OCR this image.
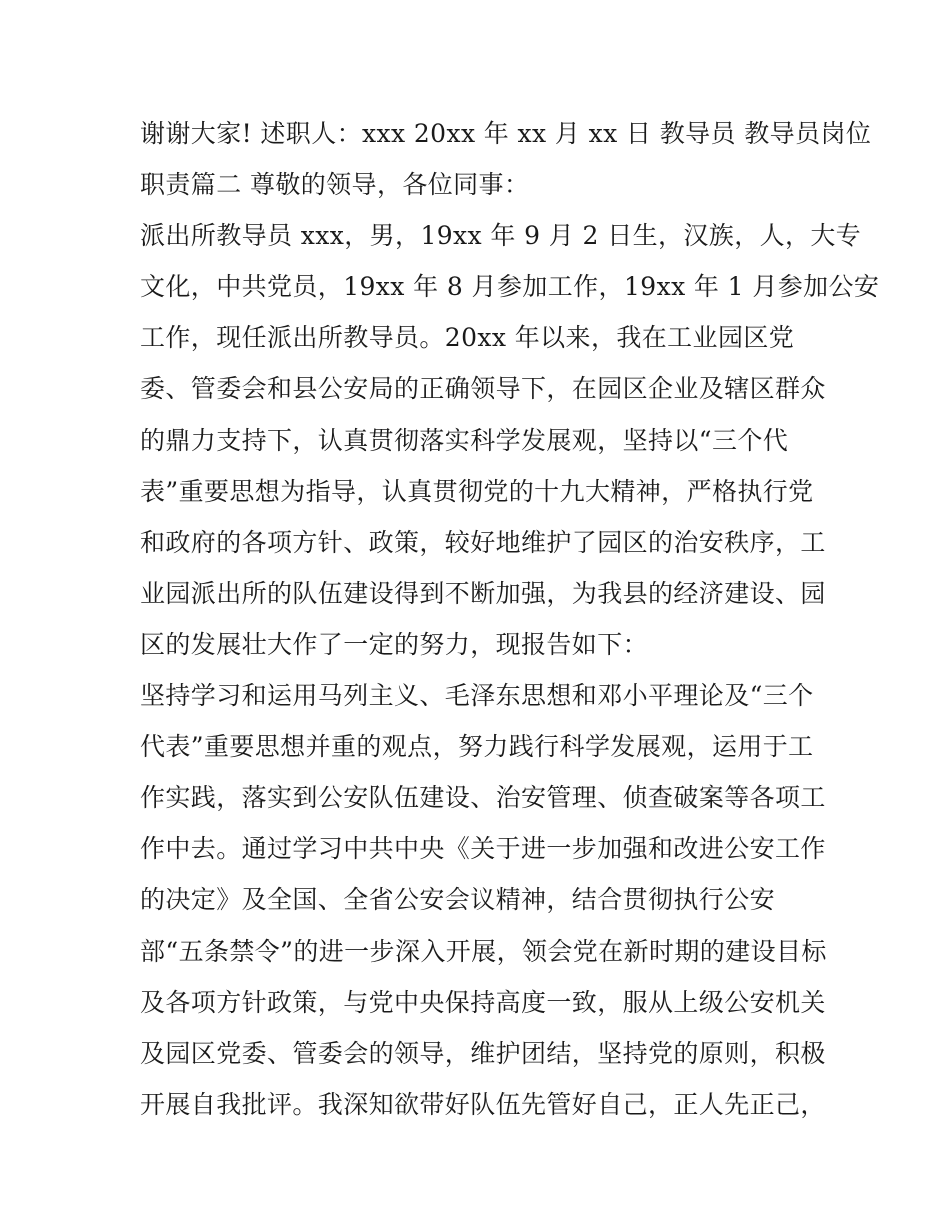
谢谢大家! 述职人：xxx 20xx 年 xx 月 xx 日 教导员 教导员岗位
职责篇二 尊敬的领导，各位同事：
派出所教导员 xxx，男，19xx 年 9 月 2 日生，汉族，人，大专
文化，中共党员，19xx 年 8 月参加工作，19xx 年 1 月参加公安
工作，现任派出所教导员。20xx 年以来，我在工业园区党
委、管委会和县公安局的正确领导下，在园区企业及辖区群众
的鼎力支持下，认真贯彻落实科学发展观，坚持以“三个代
表”重要思想为指导，认真贯彻党的十九大精神，严格执行党
和政府的各项方针、政策，较好地维护了园区的治安秩序，工
业园派出所的队伍建设得到不断加强，为我县的经济建设、园
区的发展壮大作了一定的努力，现报告如下：
坚持学习和运用马列主义、毛泽东思想和邓小平理论及“三个
代表”重要思想并重的观点，努力践行科学发展观，运用于工
作实践，落实到公安队伍建设、治安管理、侦查破案等各项工
作中去。通过学习中共中央《关于进一步加强和改进公安工作
的决定》及全国、全省公安会议精神，结合贯彻执行公安
部“五条禁令”的进一步深入开展，领会党在新时期的建设目标
及各项方针政策，与党中央保持高度一致，服从上级公安机关
及园区党委、管委会的领导，维护团结，坚持党的原则，积极
开展自我批评。我深知欲带好队伍先管好自己，正人先正己，
